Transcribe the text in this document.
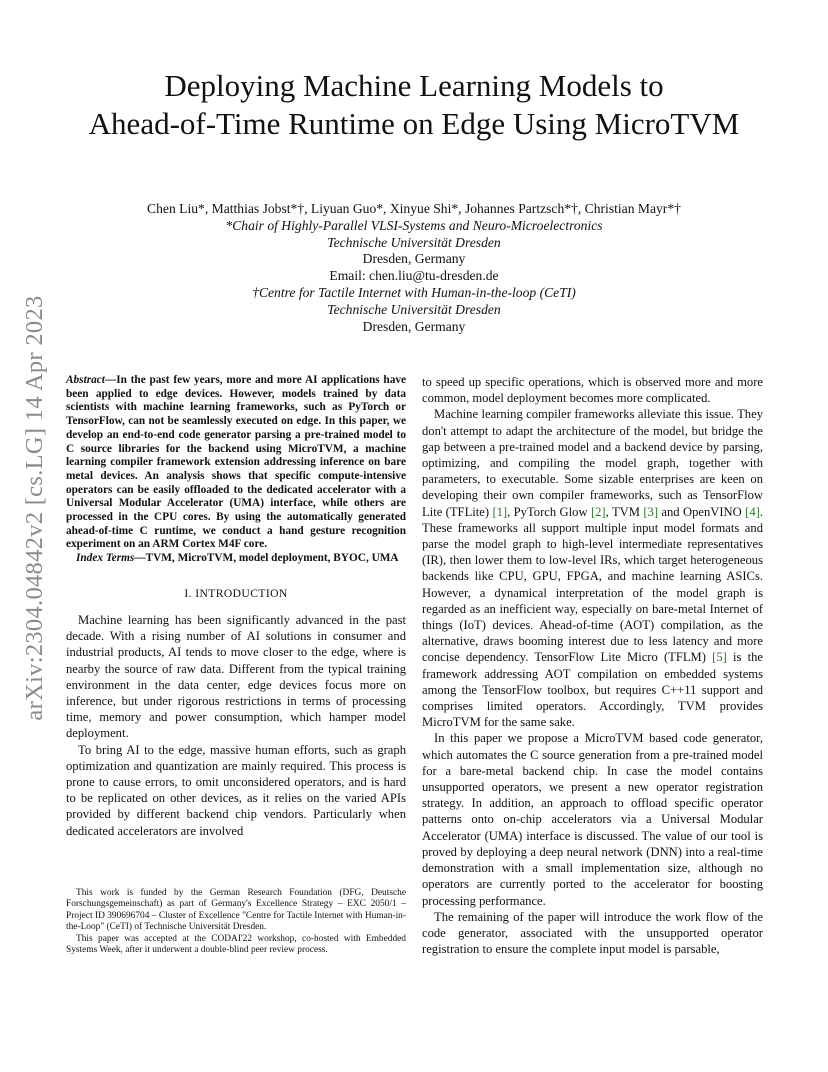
arXiv:2304.04842v2 [cs.LG] 14 Apr 2023
Deploying Machine Learning Models to
Ahead-of-Time Runtime on Edge Using MicroTVM
Chen Liu*, Matthias Jobst*†, Liyuan Guo*, Xinyue Shi*, Johannes Partzsch*†, Christian Mayr*†
*Chair of Highly-Parallel VLSI-Systems and Neuro-Microelectronics
Technische Universität Dresden
Dresden, Germany
Email: chen.liu@tu-dresden.de
†Centre for Tactile Internet with Human-in-the-loop (CeTI)
Technische Universität Dresden
Dresden, Germany

Abstract—In the past few years, more and more AI applications have been applied to edge devices. However, models trained by data scientists with machine learning frameworks, such as PyTorch or TensorFlow, can not be seamlessly executed on edge. In this paper, we develop an end-to-end code generator parsing a pre-trained model to C source libraries for the backend using MicroTVM, a machine learning compiler framework extension addressing inference on bare metal devices. An analysis shows that specific compute-intensive operators can be easily offloaded to the dedicated accelerator with a Universal Modular Accelerator (UMA) interface, while others are processed in the CPU cores. By using the automatically generated ahead-of-time C runtime, we conduct a hand gesture recognition experiment on an ARM Cortex M4F core.

Index Terms—TVM, MicroTVM, model deployment, BYOC, UMA

I. INTRODUCTION

Machine learning has been significantly advanced in the past decade. With a rising number of AI solutions in consumer and industrial products, AI tends to move closer to the edge, where is nearby the source of raw data. Different from the typical training environment in the data center, edge devices focus more on inference, but under rigorous restrictions in terms of processing time, memory and power consumption, which hamper model deployment.

To bring AI to the edge, massive human efforts, such as graph optimization and quantization are mainly required. This process is prone to cause errors, to omit unconsidered operators, and is hard to be replicated on other devices, as it relies on the varied APIs provided by different backend chip vendors. Particularly when dedicated accelerators are involved

This work is funded by the German Research Foundation (DFG, Deutsche Forschungsgemeinschaft) as part of Germany's Excellence Strategy – EXC 2050/1 – Project ID 390696704 – Cluster of Excellence "Centre for Tactile Internet with Human-in-the-Loop" (CeTI) of Technische Universität Dresden.

This paper was accepted at the CODAI'22 workshop, co-hosted with Embedded Systems Week, after it underwent a double-blind peer review process.

to speed up specific operations, which is observed more and more common, model deployment becomes more complicated.

Machine learning compiler frameworks alleviate this issue. They don't attempt to adapt the architecture of the model, but bridge the gap between a pre-trained model and a backend device by parsing, optimizing, and compiling the model graph, together with parameters, to executable. Some sizable enterprises are keen on developing their own compiler frameworks, such as TensorFlow Lite (TFLite) [1], PyTorch Glow [2], TVM [3] and OpenVINO [4]. These frameworks all support multiple input model formats and parse the model graph to high-level intermediate representatives (IR), then lower them to low-level IRs, which target heterogeneous backends like CPU, GPU, FPGA, and machine learning ASICs. However, a dynamical interpretation of the model graph is regarded as an inefficient way, especially on bare-metal Internet of things (IoT) devices. Ahead-of-time (AOT) compilation, as the alternative, draws booming interest due to less latency and more concise dependency. TensorFlow Lite Micro (TFLM) [5] is the framework addressing AOT compilation on embedded systems among the TensorFlow toolbox, but requires C++11 support and comprises limited operators. Accordingly, TVM provides MicroTVM for the same sake.

In this paper we propose a MicroTVM based code generator, which automates the C source generation from a pre-trained model for a bare-metal backend chip. In case the model contains unsupported operators, we present a new operator registration strategy. In addition, an approach to offload specific operator patterns onto on-chip accelerators via a Universal Modular Accelerator (UMA) interface is discussed. The value of our tool is proved by deploying a deep neural network (DNN) into a real-time demonstration with a small implementation size, although no operators are currently ported to the accelerator for boosting processing performance.

The remaining of the paper will introduce the work flow of the code generator, associated with the unsupported operator registration to ensure the complete input model is parsable,
